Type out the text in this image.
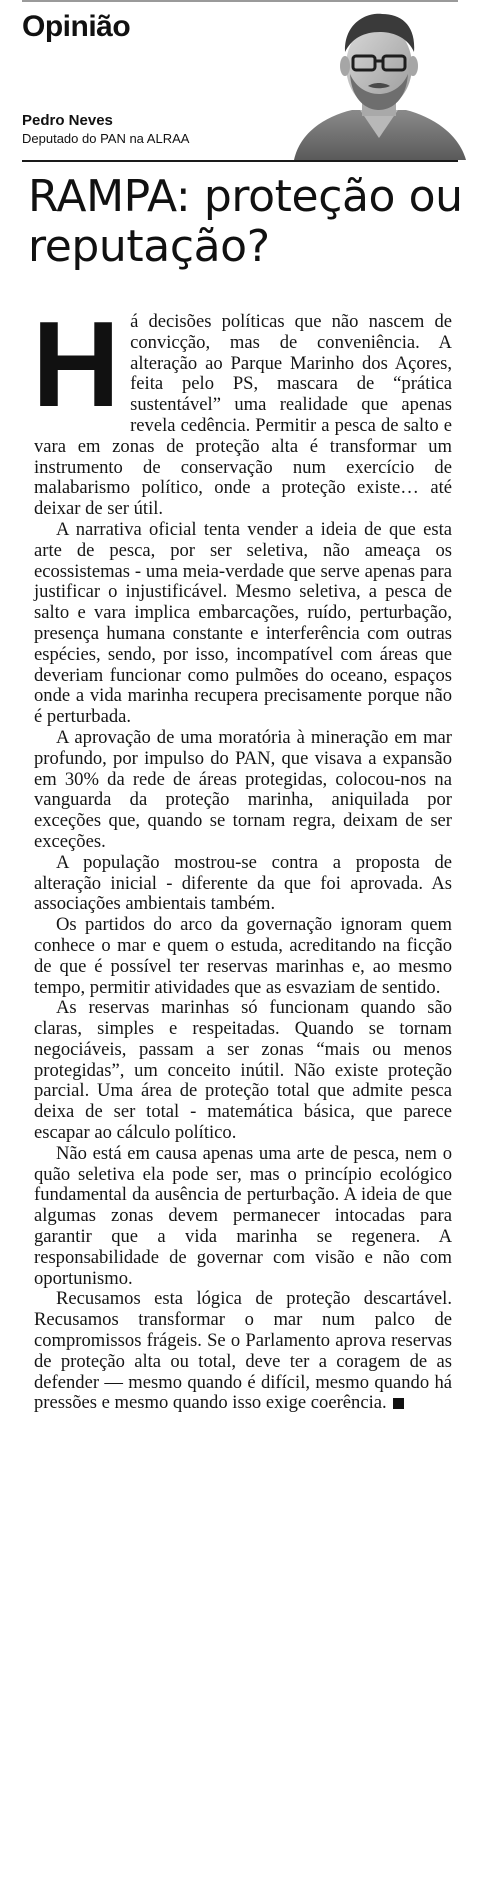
Opinião
Pedro Neves
Deputado do PAN na ALRAA
RAMPA: proteção ou reputação?

Há decisões políticas que não nascem de convicção, mas de conveniência. A alteração ao Parque Marinho dos Açores, feita pelo PS, mascara de “prática sustentável” uma realidade que apenas revela cedência. Permitir a pesca de salto e vara em zonas de proteção alta é transformar um instrumento de conservação num exercício de malabarismo político, onde a proteção existe… até deixar de ser útil.

A narrativa oficial tenta vender a ideia de que esta arte de pesca, por ser seletiva, não ameaça os ecossistemas - uma meia-verdade que serve apenas para justificar o injustificável. Mesmo seletiva, a pesca de salto e vara implica embarcações, ruído, perturbação, presença humana constante e interferência com outras espécies, sendo, por isso, incompatível com áreas que deveriam funcionar como pulmões do oceano, espaços onde a vida marinha recupera precisamente porque não é perturbada.

A aprovação de uma moratória à mineração em mar profundo, por impulso do PAN, que visava a expansão em 30% da rede de áreas protegidas, colocou-nos na vanguarda da proteção marinha, aniquilada por exceções que, quando se tornam regra, deixam de ser exceções.

A população mostrou-se contra a proposta de alteração inicial - diferente da que foi aprovada. As associações ambientais também.

Os partidos do arco da governação ignoram quem conhece o mar e quem o estuda, acreditando na ficção de que é possível ter reservas marinhas e, ao mesmo tempo, permitir atividades que as esvaziam de sentido.

As reservas marinhas só funcionam quando são claras, simples e respeitadas. Quando se tornam negociáveis, passam a ser zonas “mais ou menos protegidas”, um conceito inútil. Não existe proteção parcial. Uma área de proteção total que admite pesca deixa de ser total - matemática básica, que parece escapar ao cálculo político.

Não está em causa apenas uma arte de pesca, nem o quão seletiva ela pode ser, mas o princípio ecológico fundamental da ausência de perturbação. A ideia de que algumas zonas devem permanecer intocadas para garantir que a vida marinha se regenera. A responsabilidade de governar com visão e não com oportunismo.

Recusamos esta lógica de proteção descartável. Recusamos transformar o mar num palco de compromissos frágeis. Se o Parlamento aprova reservas de proteção alta ou total, deve ter a coragem de as defender — mesmo quando é difícil, mesmo quando há pressões e mesmo quando isso exige coerência.
